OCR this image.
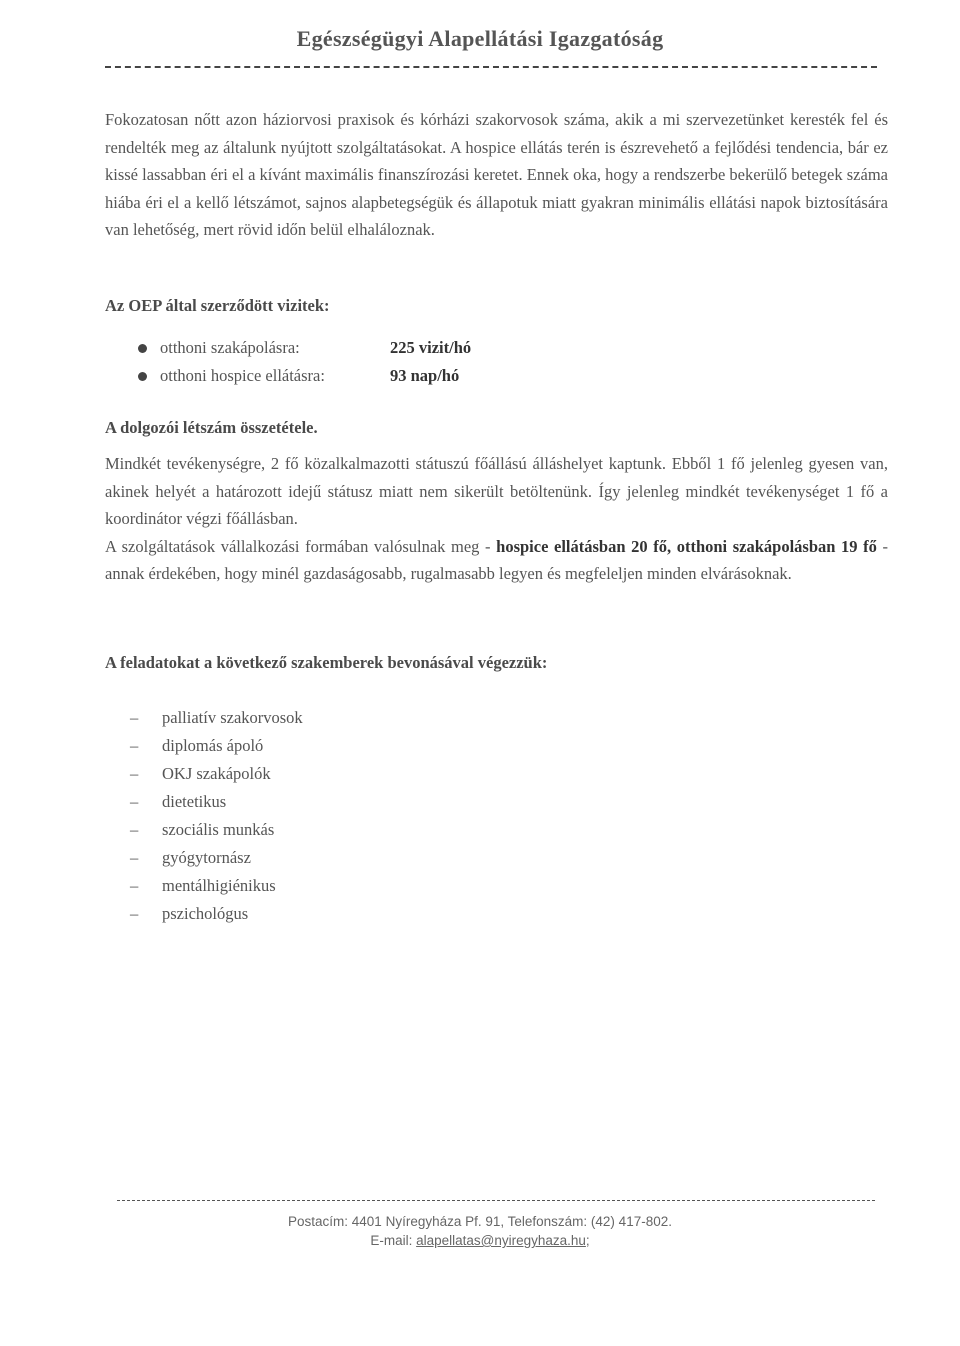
Egészségügyi Alapellátási Igazgatóság

Fokozatosan nőtt azon háziorvosi praxisok és kórházi szakorvosok száma, akik a mi szervezetünket keresték fel és rendelték meg az általunk nyújtott szolgáltatásokat. A hospice ellátás terén is észrevehető a fejlődési tendencia, bár ez kissé lassabban éri el a kívánt maximális finanszírozási keretet. Ennek oka, hogy a rendszerbe bekerülő betegek száma hiába éri el a kellő létszámot, sajnos alapbetegségük és állapotuk miatt gyakran minimális ellátási napok biztosítására van lehetőség, mert rövid időn belül elhaláloznak.

Az OEP által szerződött vizitek:

otthoni szakápolásra:	225 vizit/hó
otthoni hospice ellátásra:	93 nap/hó

A dolgozói létszám összetétele.

Mindkét tevékenységre, 2 fő közalkalmazotti státuszú főállású álláshelyet kaptunk. Ebből 1 fő jelenleg gyesen van, akinek helyét a határozott idejű státusz miatt nem sikerült betöltenünk. Így jelenleg mindkét tevékenységet 1 fő a koordinátor végzi főállásban.

A szolgáltatások vállalkozási formában valósulnak meg - hospice ellátásban 20 fő, otthoni szakápolásban 19 fő - annak érdekében, hogy minél gazdaságosabb, rugalmasabb legyen és megfeleljen minden elvárásoknak.

A feladatokat a következő szakemberek bevonásával végezzük:

–	palliatív szakorvosok
–	diplomás ápoló
–	OKJ szakápolók
–	dietetikus
–	szociális munkás
–	gyógytornász
–	mentálhigiénikus
–	pszichológus
Postacím: 4401 Nyíregyháza Pf. 91, Telefonszám: (42) 417-802.
E-mail: alapellatas@nyiregyhaza.hu;
